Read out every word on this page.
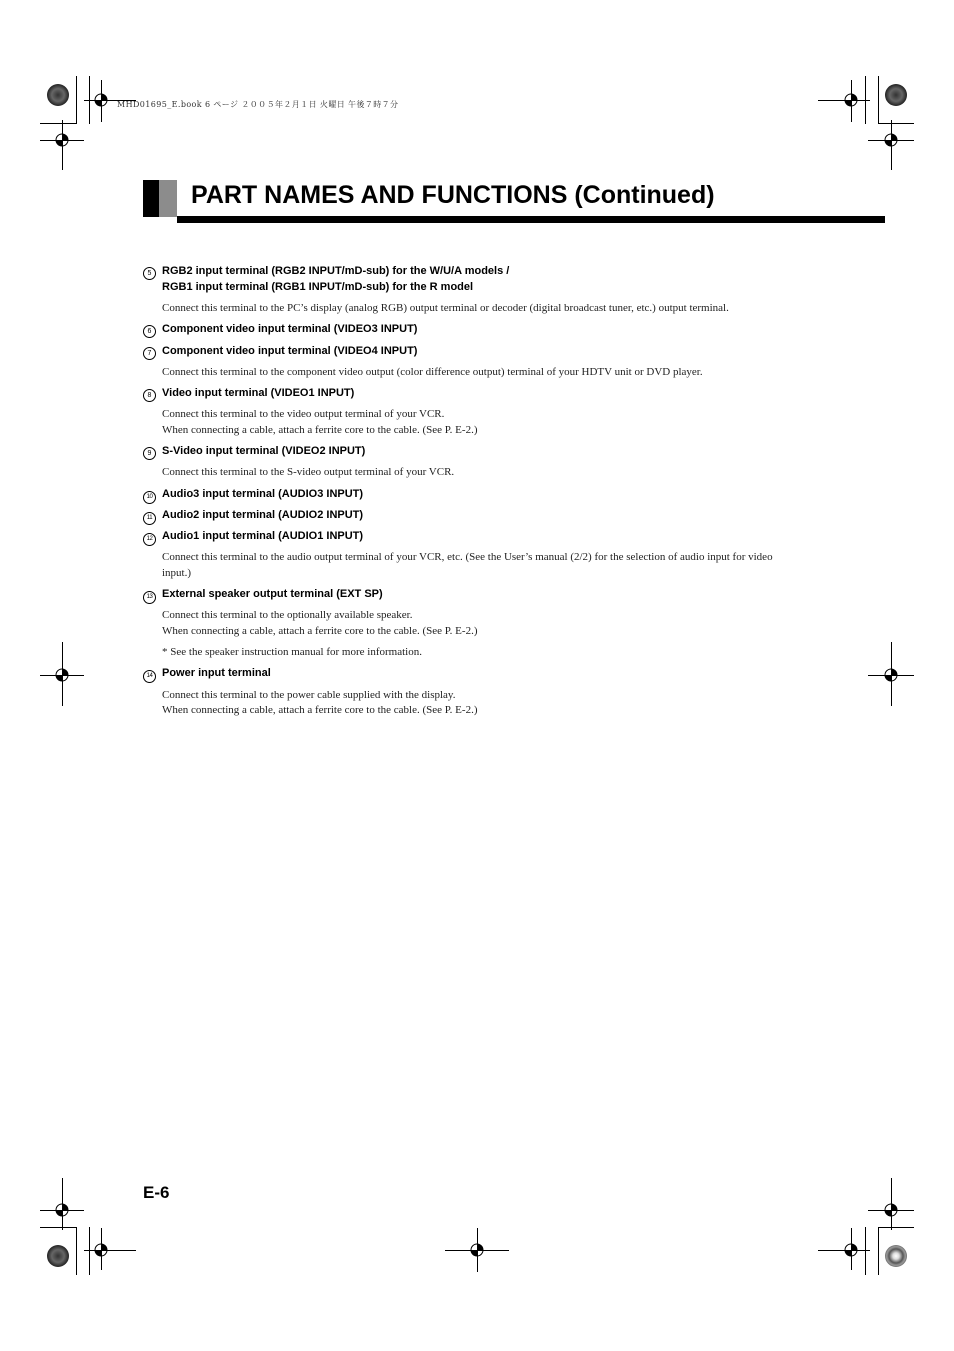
MHD01695_E.book 6 ページ ２００５年２月１日 火曜日 午後７時７分
PART NAMES AND FUNCTIONS (Continued)
5 RGB2 input terminal (RGB2 INPUT/mD-sub) for the W/U/A models /
RGB1 input terminal (RGB1 INPUT/mD-sub) for the R model
Connect this terminal to the PC’s display (analog RGB) output terminal or decoder (digital broadcast tuner, etc.) output terminal.
6 Component video input terminal (VIDEO3 INPUT)
7 Component video input terminal (VIDEO4 INPUT)
Connect this terminal to the component video output (color difference output) terminal of your HDTV unit or DVD player.
8 Video input terminal (VIDEO1 INPUT)
Connect this terminal to the video output terminal of your VCR.
When connecting a cable, attach a ferrite core to the cable. (See P. E-2.)
9 S-Video input terminal (VIDEO2 INPUT)
Connect this terminal to the S-video output terminal of your VCR.
10 Audio3 input terminal (AUDIO3 INPUT)
11 Audio2 input terminal (AUDIO2 INPUT)
12 Audio1 input terminal (AUDIO1 INPUT)
Connect this terminal to the audio output terminal of your VCR, etc. (See the User’s manual (2/2) for the selection of audio input for video
input.)
13 External speaker output terminal (EXT SP)
Connect this terminal to the optionally available speaker.
When connecting a cable, attach a ferrite core to the cable. (See P. E-2.)
* See the speaker instruction manual for more information.
14 Power input terminal
Connect this terminal to the power cable supplied with the display.
When connecting a cable, attach a ferrite core to the cable. (See P. E-2.)
E-6
